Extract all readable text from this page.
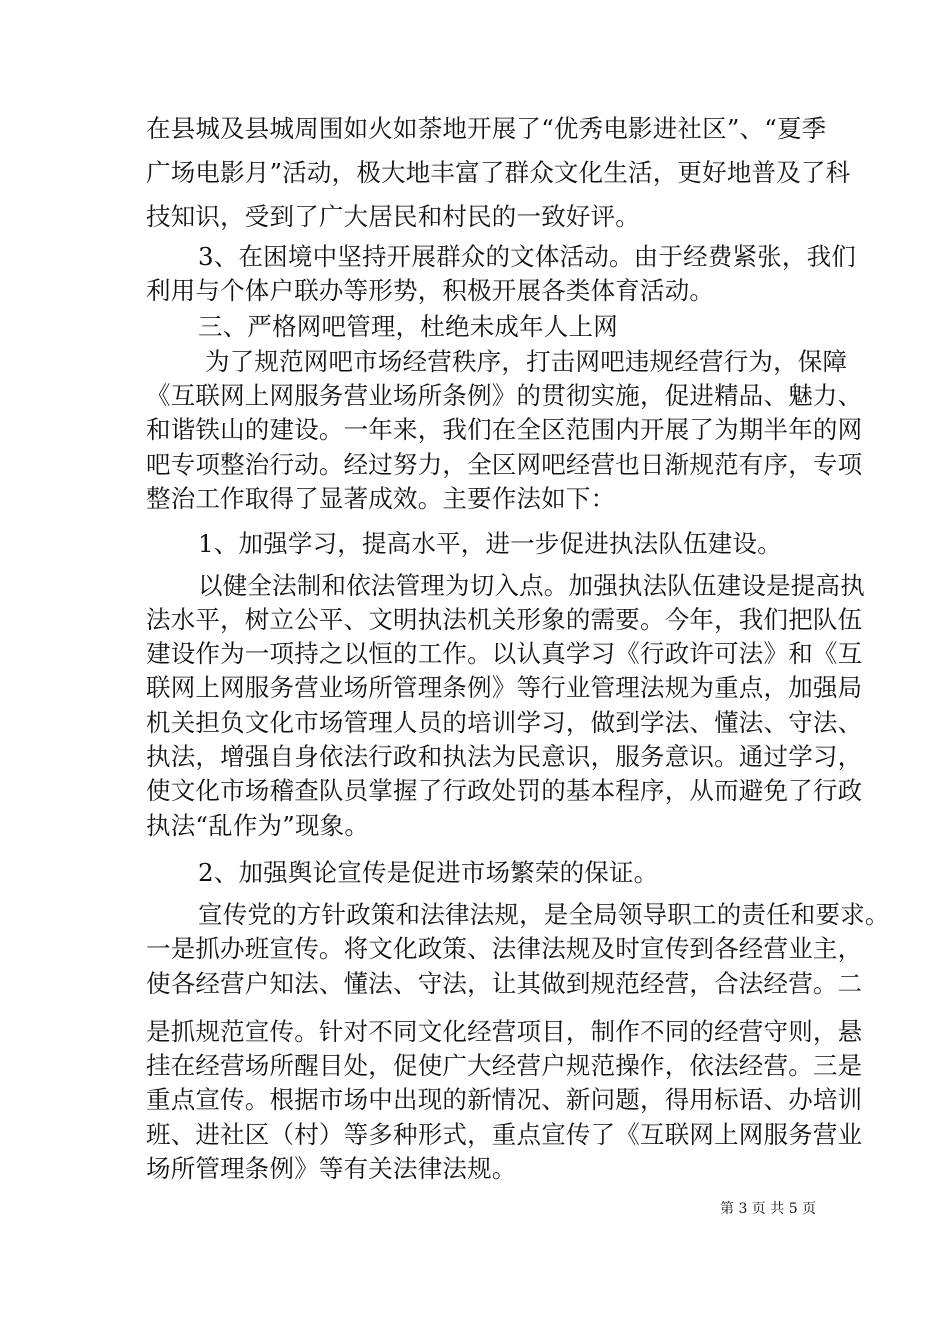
在县城及县城周围如火如荼地开展了“优秀电影进社区”、“夏季
广场电影月”活动，极大地丰富了群众文化生活，更好地普及了科
技知识，受到了广大居民和村民的一致好评。
3、在困境中坚持开展群众的文体活动。由于经费紧张，我们
利用与个体户联办等形势，积极开展各类体育活动。
三、严格网吧管理，杜绝未成年人上网
为了规范网吧市场经营秩序，打击网吧违规经营行为，保障
《互联网上网服务营业场所条例》的贯彻实施，促进精品、魅力、
和谐铁山的建设。一年来，我们在全区范围内开展了为期半年的网
吧专项整治行动。经过努力，全区网吧经营也日渐规范有序，专项
整治工作取得了显著成效。主要作法如下：
1、加强学习，提高水平，进一步促进执法队伍建设。
以健全法制和依法管理为切入点。加强执法队伍建设是提高执
法水平，树立公平、文明执法机关形象的需要。今年，我们把队伍
建设作为一项持之以恒的工作。以认真学习《行政许可法》和《互
联网上网服务营业场所管理条例》等行业管理法规为重点，加强局
机关担负文化市场管理人员的培训学习，做到学法、懂法、守法、
执法，增强自身依法行政和执法为民意识，服务意识。通过学习，
使文化市场稽查队员掌握了行政处罚的基本程序，从而避免了行政
执法“乱作为”现象。
2、加强舆论宣传是促进市场繁荣的保证。
宣传党的方针政策和法律法规，是全局领导职工的责任和要求。
一是抓办班宣传。将文化政策、法律法规及时宣传到各经营业主，
使各经营户知法、懂法、守法，让其做到规范经营，合法经营。二
是抓规范宣传。针对不同文化经营项目，制作不同的经营守则，悬
挂在经营场所醒目处，促使广大经营户规范操作，依法经营。三是
重点宣传。根据市场中出现的新情况、新问题，得用标语、办培训
班、进社区（村）等多种形式，重点宣传了《互联网上网服务营业
场所管理条例》等有关法律法规。
第 3 页 共 5 页
